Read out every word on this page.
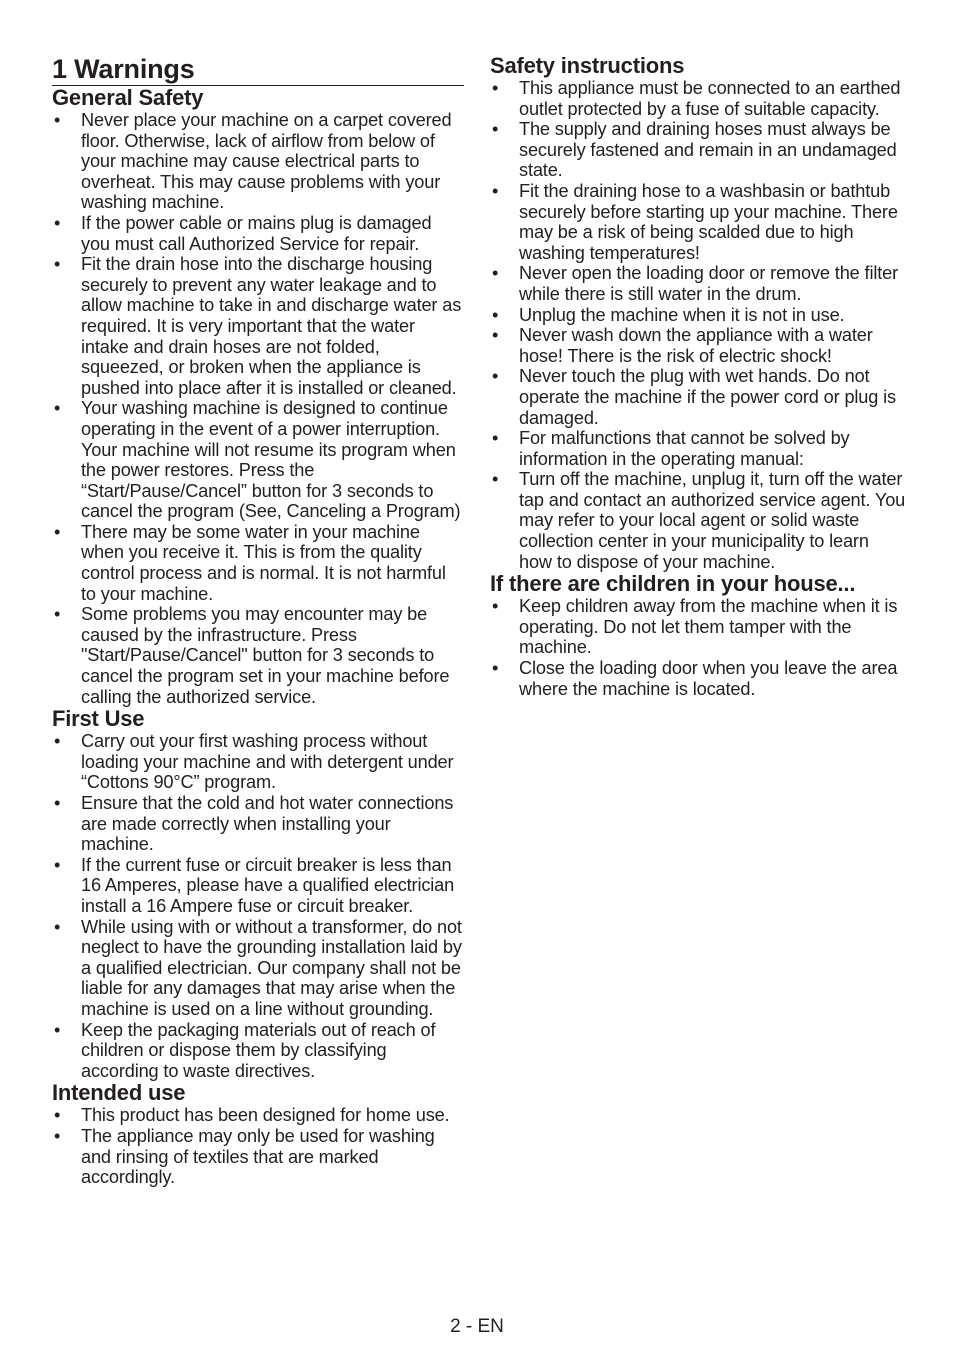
1 Warnings
General Safety
• Never place your machine on a carpet covered floor. Otherwise, lack of airflow from below of your machine may cause electrical parts to overheat. This may cause problems with your washing machine.
• If the power cable or mains plug is damaged you must call Authorized Service for repair.
• Fit the drain hose into the discharge housing securely to prevent any water leakage and to allow machine to take in and discharge water as required. It is very important that the water intake and drain hoses are not folded, squeezed, or broken when the appliance is pushed into place after it is installed or cleaned.
• Your washing machine is designed to continue operating in the event of a power interruption. Your machine will not resume its program when the power restores. Press the “Start/Pause/Cancel” button for 3 seconds to cancel the program (See, Canceling a Program)
• There may be some water in your machine when you receive it. This is from the quality control process and is normal. It is not harmful to your machine.
• Some problems you may encounter may be caused by the infrastructure. Press "Start/Pause/Cancel" button for 3 seconds to cancel the program set in your machine before calling the authorized service.
First Use
• Carry out your first washing process without loading your machine and with detergent under “Cottons 90°C” program.
• Ensure that the cold and hot water connections are made correctly when installing your machine.
• If the current fuse or circuit breaker is less than 16 Amperes, please have a qualified electrician install a 16 Ampere fuse or circuit breaker.
• While using with or without a transformer, do not neglect to have the grounding installation laid by a qualified electrician. Our company shall not be liable for any damages that may arise when the machine is used on a line without grounding.
• Keep the packaging materials out of reach of children or dispose them by classifying according to waste directives.
Intended use
• This product has been designed for home use.
• The appliance may only be used for washing and rinsing of textiles that are marked accordingly.
Safety instructions
• This appliance must be connected to an earthed outlet protected by a fuse of suitable capacity.
• The supply and draining hoses must always be securely fastened and remain in an undamaged state.
• Fit the draining hose to a washbasin or bathtub securely before starting up your machine. There may be a risk of being scalded due to high washing temperatures!
• Never open the loading door or remove the filter while there is still water in the drum.
• Unplug the machine when it is not in use.
• Never wash down the appliance with a water hose! There is the risk of electric shock!
• Never touch the plug with wet hands. Do not operate the machine if the power cord or plug is damaged.
• For malfunctions that cannot be solved by information in the operating manual:
• Turn off the machine, unplug it, turn off the water tap and contact an authorized service agent. You may refer to your local agent or solid waste collection center in your municipality to learn how to dispose of your machine.
If there are children in your house...
• Keep children away from the machine when it is operating. Do not let them tamper with the machine.
• Close the loading door when you leave the area where the machine is located.
2 - EN
